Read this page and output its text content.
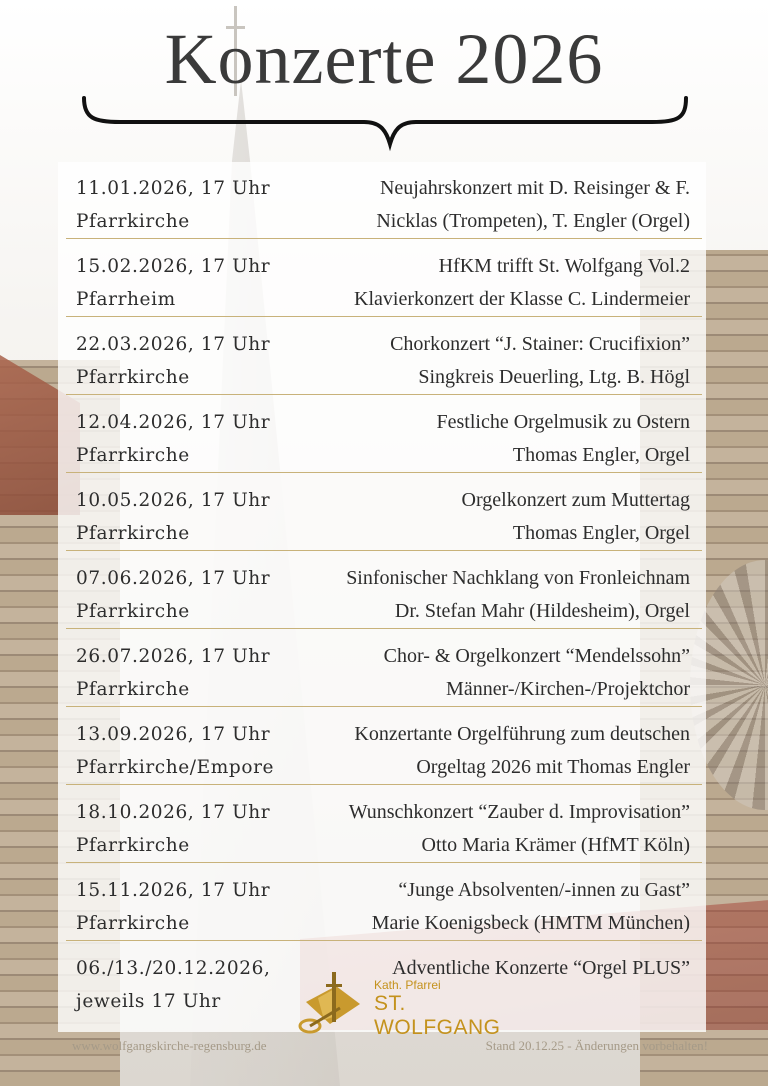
Konzerte 2026
11.01.2026, 17 Uhr
Pfarrkirche
Neujahrskonzert mit D. Reisinger & F.
Nicklas (Trompeten), T. Engler (Orgel)
15.02.2026, 17 Uhr
Pfarrheim
HfKM trifft St. Wolfgang Vol.2
Klavierkonzert der Klasse C. Lindermeier
22.03.2026, 17 Uhr
Pfarrkirche
Chorkonzert “J. Stainer: Crucifixion”
Singkreis Deuerling, Ltg. B. Högl
12.04.2026, 17 Uhr
Pfarrkirche
Festliche Orgelmusik zu Ostern
Thomas Engler, Orgel
10.05.2026, 17 Uhr
Pfarrkirche
Orgelkonzert zum Muttertag
Thomas Engler, Orgel
07.06.2026, 17 Uhr
Pfarrkirche
Sinfonischer Nachklang von Fronleichnam
Dr. Stefan Mahr (Hildesheim), Orgel
26.07.2026, 17 Uhr
Pfarrkirche
Chor- & Orgelkonzert “Mendelssohn”
Männer-/Kirchen-/Projektchor
13.09.2026, 17 Uhr
Pfarrkirche/Empore
Konzertante Orgelführung zum deutschen
Orgeltag 2026 mit Thomas Engler
18.10.2026, 17 Uhr
Pfarrkirche
Wunschkonzert “Zauber d. Improvisation”
Otto Maria Krämer (HfMT Köln)
15.11.2026, 17 Uhr
Pfarrkirche
“Junge Absolventen/-innen zu Gast”
Marie Koenigsbeck (HMTM München)
06./13./20.12.2026,
jeweils 17 Uhr
Adventliche Konzerte “Orgel PLUS”
Kath. Pfarrei
ST. WOLFGANG
www.wolfgangskirche-regensburg.de	Stand 20.12.25 - Änderungen vorbehalten!
